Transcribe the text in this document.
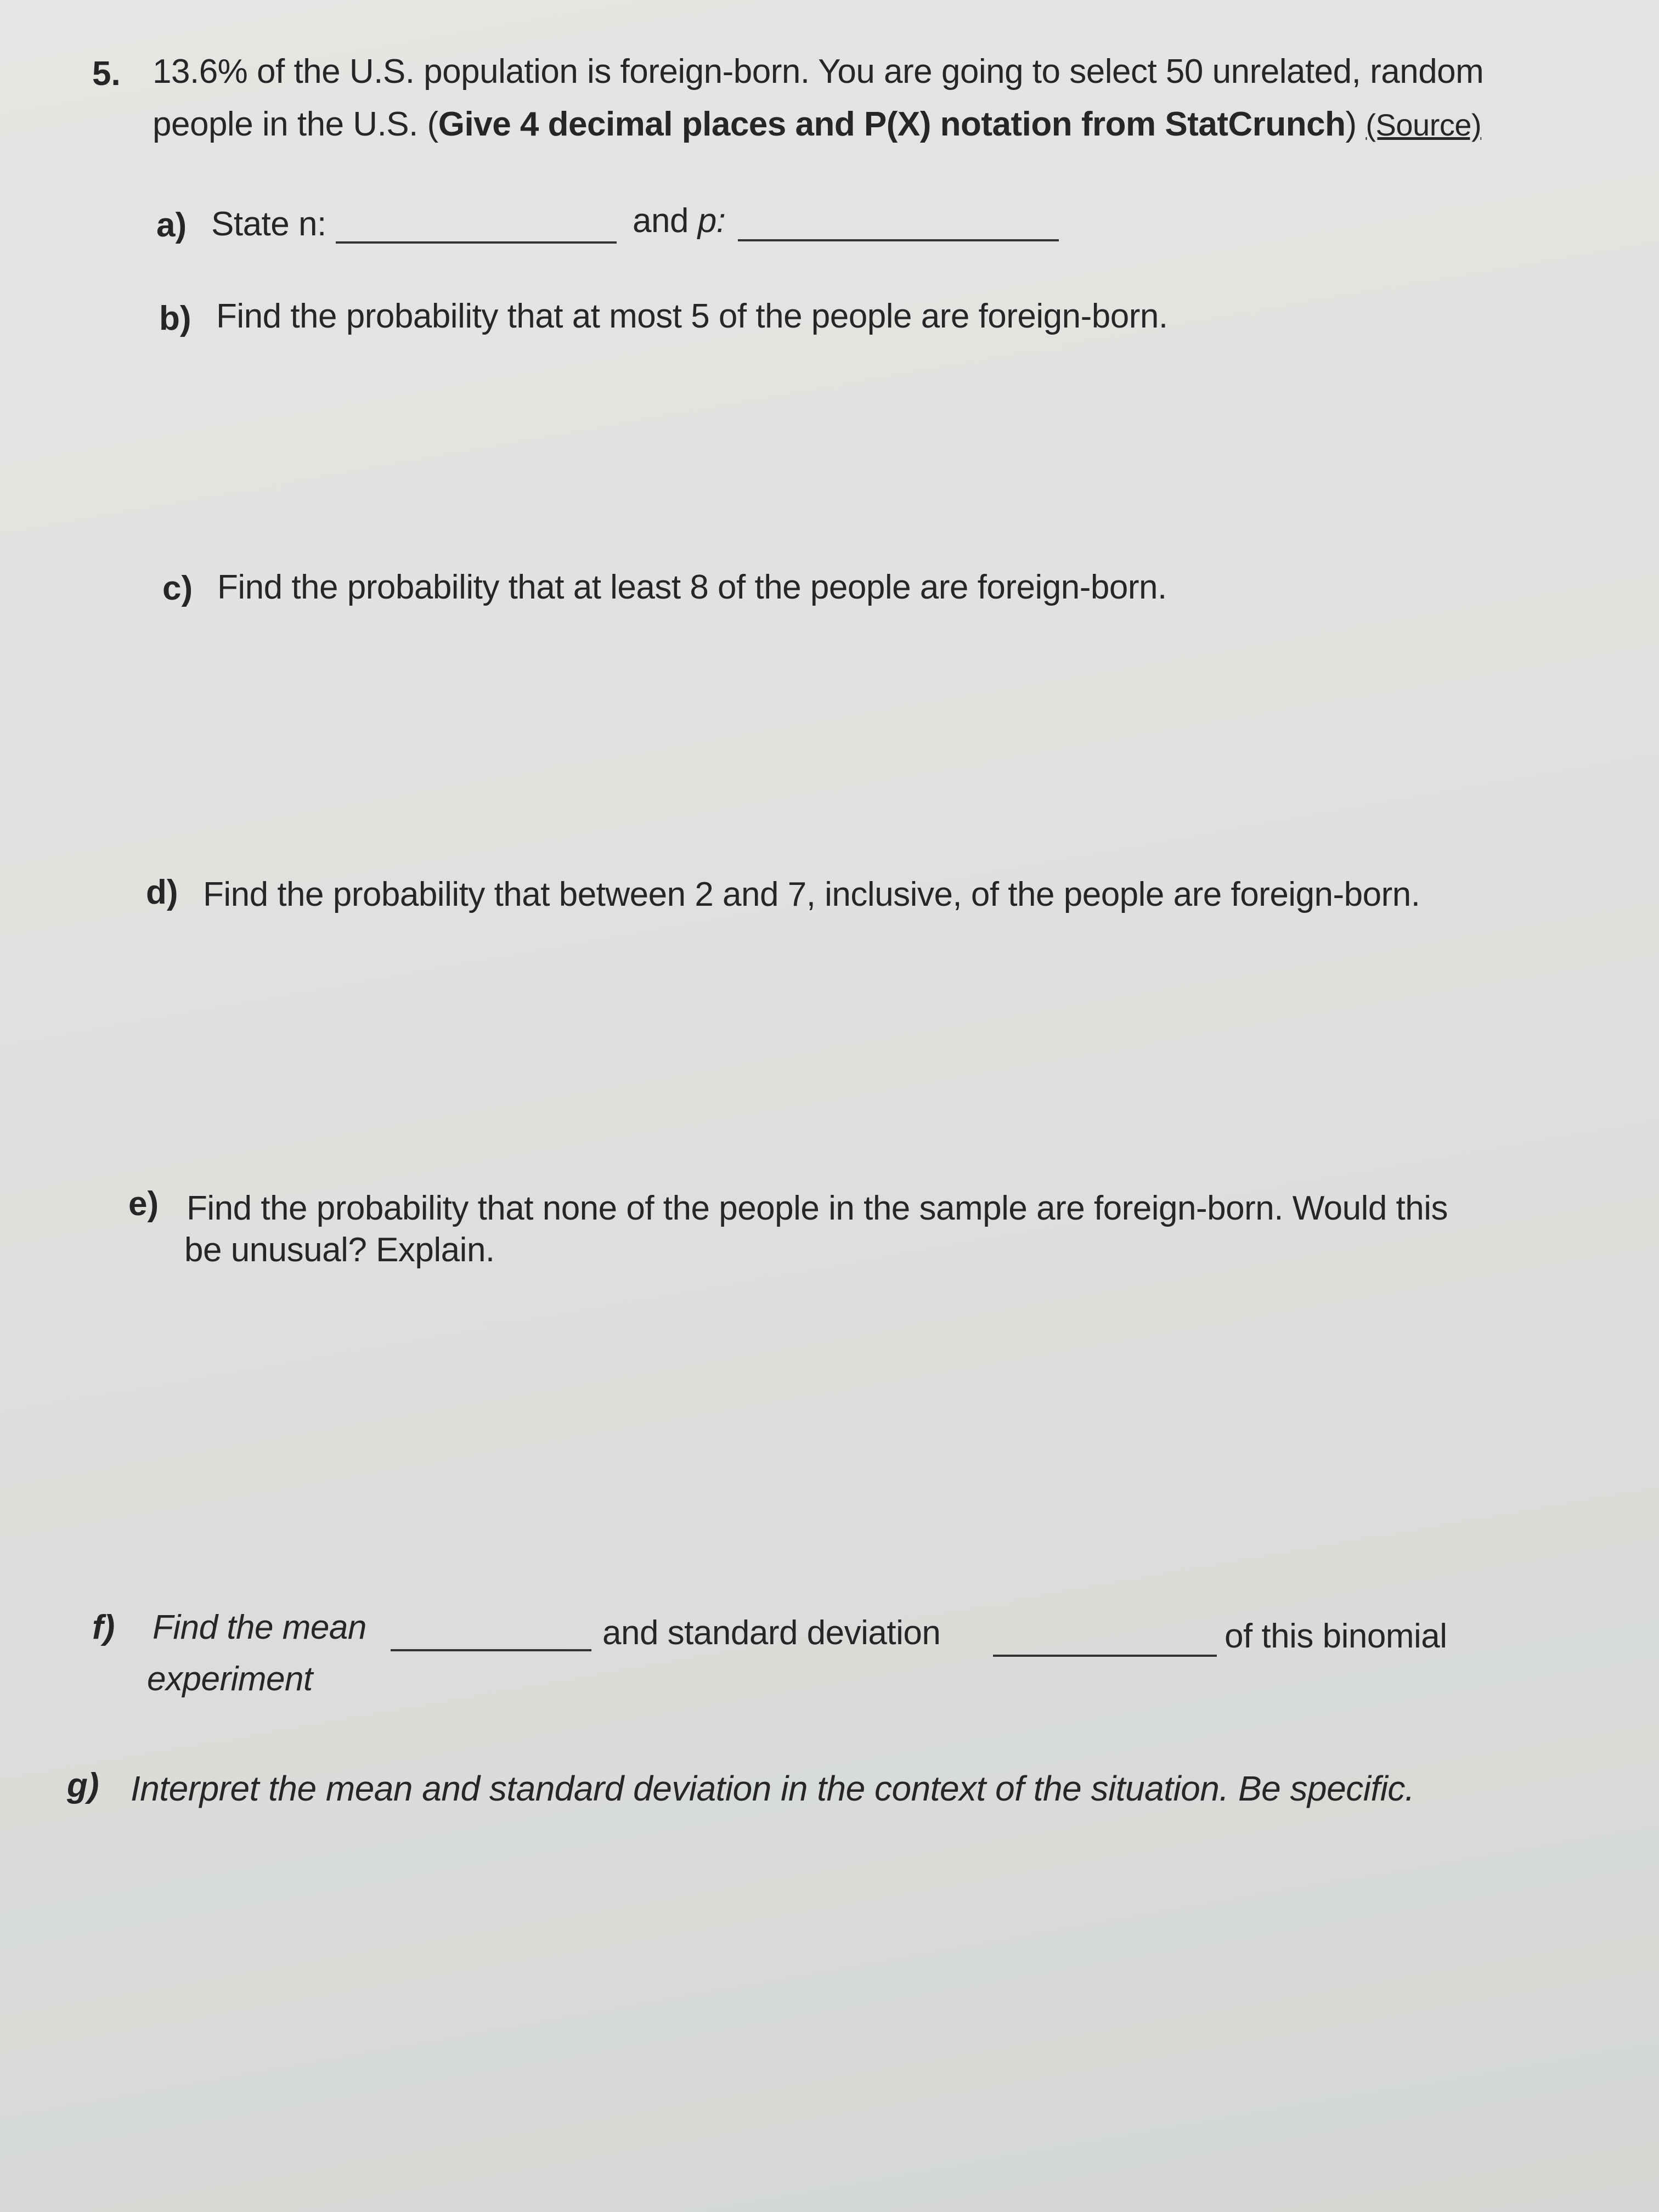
5. 13.6% of the U.S. population is foreign-born. You are going to select 50 unrelated, random
people in the U.S. (Give 4 decimal places and P(X) notation from StatCrunch) (Source)
a) State n:	and p:
b) Find the probability that at most 5 of the people are foreign-born.
c) Find the probability that at least 8 of the people are foreign-born.
d) Find the probability that between 2 and 7, inclusive, of the people are foreign-born.
e) Find the probability that none of the people in the sample are foreign-born. Would this
be unusual? Explain.
f) Find the mean	and standard deviation	of this binomial
experiment
g) Interpret the mean and standard deviation in the context of the situation. Be specific.
